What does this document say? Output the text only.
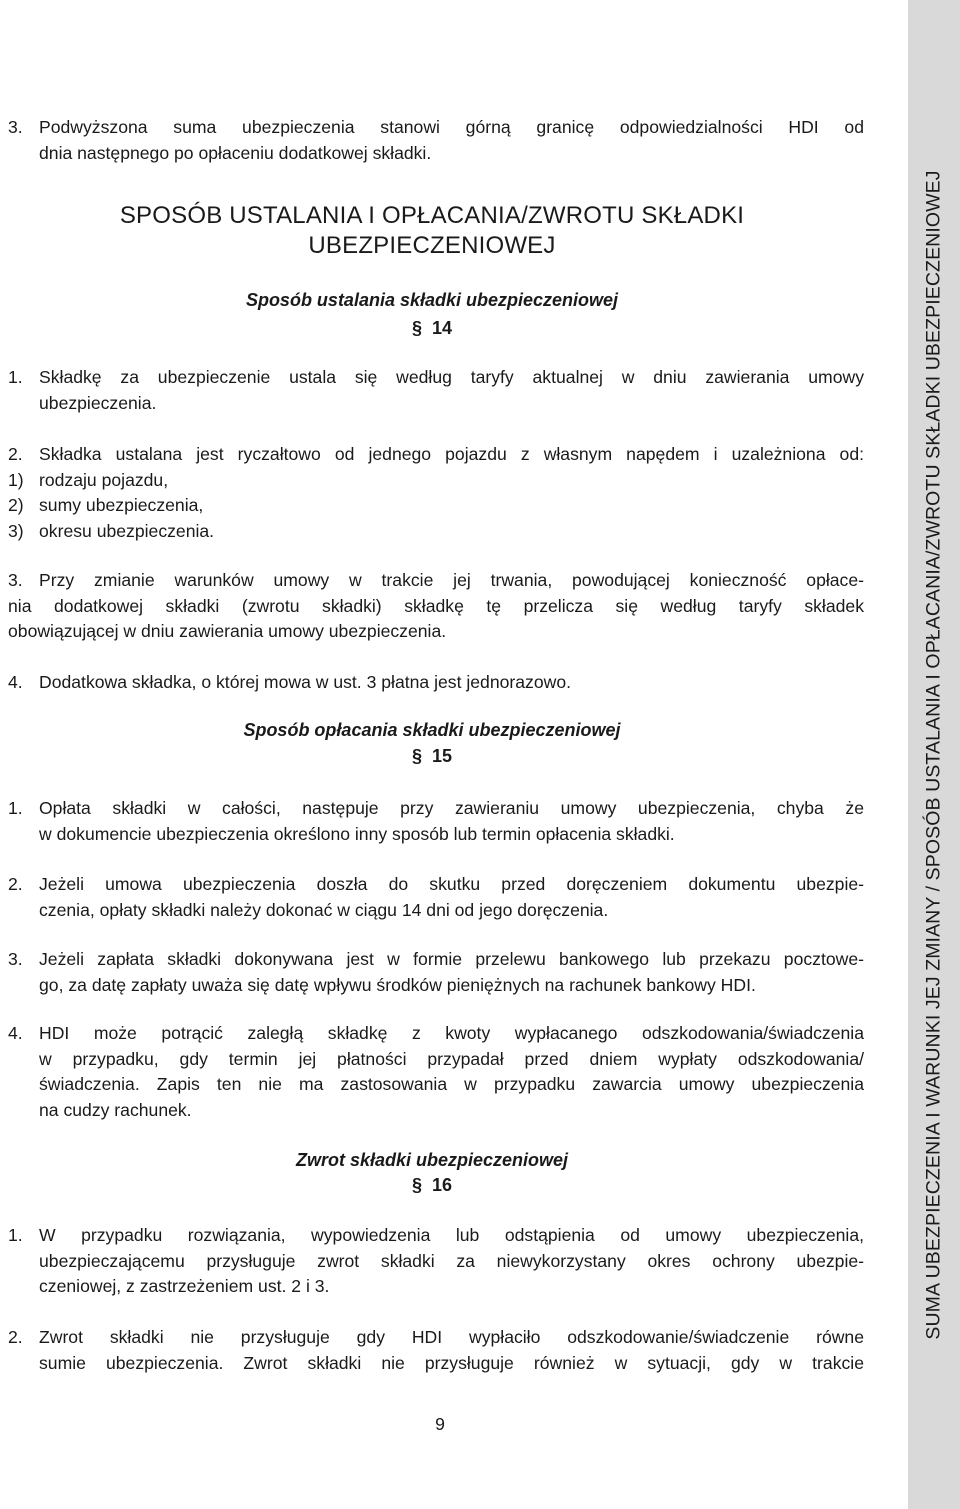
3. Podwyższona suma ubezpieczenia stanowi górną granicę odpowiedzialności HDI od
dnia następnego po opłaceniu dodatkowej składki.
SPOSÓB USTALANIA I OPŁACANIA/ZWROTU SKŁADKI
UBEZPIECZENIOWEJ
Sposób ustalania składki ubezpieczeniowej
§ 14
1. Składkę za ubezpieczenie ustala się według taryfy aktualnej w dniu zawierania umowy
ubezpieczenia.
2. Składka ustalana jest ryczałtowo od jednego pojazdu z własnym napędem i uzależniona od:
1) rodzaju pojazdu,
2) sumy ubezpieczenia,
3) okresu ubezpieczenia.
3. Przy zmianie warunków umowy w trakcie jej trwania, powodującej konieczność opłace-
nia dodatkowej składki (zwrotu składki) składkę tę przelicza się według taryfy składek
obowiązującej w dniu zawierania umowy ubezpieczenia.
4. Dodatkowa składka, o której mowa w ust. 3 płatna jest jednorazowo.
Sposób opłacania składki ubezpieczeniowej
§ 15
1. Opłata składki w całości, następuje przy zawieraniu umowy ubezpieczenia, chyba że
w dokumencie ubezpieczenia określono inny sposób lub termin opłacenia składki.
2. Jeżeli umowa ubezpieczenia doszła do skutku przed doręczeniem dokumentu ubezpie-
czenia, opłaty składki należy dokonać w ciągu 14 dni od jego doręczenia.
3. Jeżeli zapłata składki dokonywana jest w formie przelewu bankowego lub przekazu pocztowe-
go, za datę zapłaty uważa się datę wpływu środków pieniężnych na rachunek bankowy HDI.
4. HDI może potrącić zaległą składkę z kwoty wypłacanego odszkodowania/świadczenia
w przypadku, gdy termin jej płatności przypadał przed dniem wypłaty odszkodowania/
świadczenia. Zapis ten nie ma zastosowania w przypadku zawarcia umowy ubezpieczenia
na cudzy rachunek.
Zwrot składki ubezpieczeniowej
§ 16
1. W przypadku rozwiązania, wypowiedzenia lub odstąpienia od umowy ubezpieczenia,
ubezpieczającemu przysługuje zwrot składki za niewykorzystany okres ochrony ubezpie-
czeniowej, z zastrzeżeniem ust. 2 i 3.
2. Zwrot składki nie przysługuje gdy HDI wypłaciło odszkodowanie/świadczenie równe
sumie ubezpieczenia. Zwrot składki nie przysługuje również w sytuacji, gdy w trakcie
9
SUMA UBEZPIECZENIA I WARUNKI JEJ ZMIANY / SPOSÓB USTALANIA I OPŁACANIA/ZWROTU SKŁADKI UBEZPIECZENIOWEJ
